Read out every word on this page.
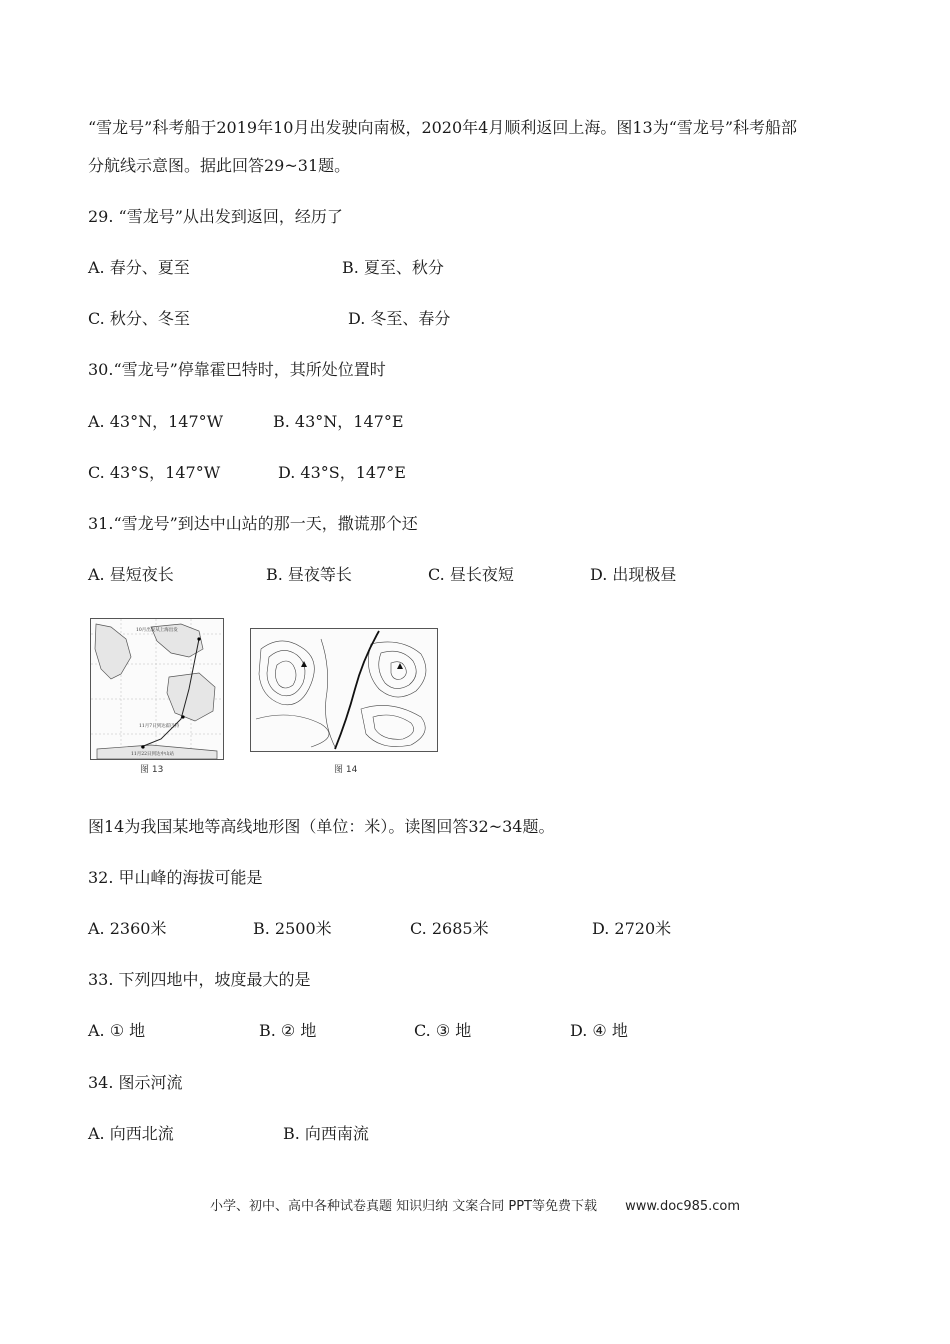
“雪龙号”科考船于2019年10月出发驶向南极，2020年4月顺利返回上海。图13为“雪龙号”科考船部
分航线示意图。据此回答29~31题。
29. “雪龙号”从出发到返回，经历了
A. 春分、夏至	B. 夏至、秋分
C. 秋分、冬至	D. 冬至、春分
30.“雪龙号”停靠霍巴特时，其所处位置时
A. 43°N，147°W	B. 43°N，147°E
C. 43°S，147°W	D. 43°S，147°E
31.“雪龙号”到达中山站的那一天，撒谎那个还
A. 昼短夜长	B. 昼夜等长	C. 昼长夜短	D. 出现极昼
10月出发从上海出发
11月7日到达霍巴特
11月22日到达中山站
图 13	图 14
图14为我国某地等高线地形图（单位：米）。读图回答32~34题。
32. 甲山峰的海拔可能是
A. 2360米	B. 2500米	C. 2685米	D. 2720米
33. 下列四地中，坡度最大的是
A. ① 地	B. ② 地	C. ③ 地	D. ④ 地
34. 图示河流
A. 向西北流	B. 向西南流
小学、初中、高中各种试卷真题 知识归纳 文案合同 PPT等免费下载 www.doc985.com
